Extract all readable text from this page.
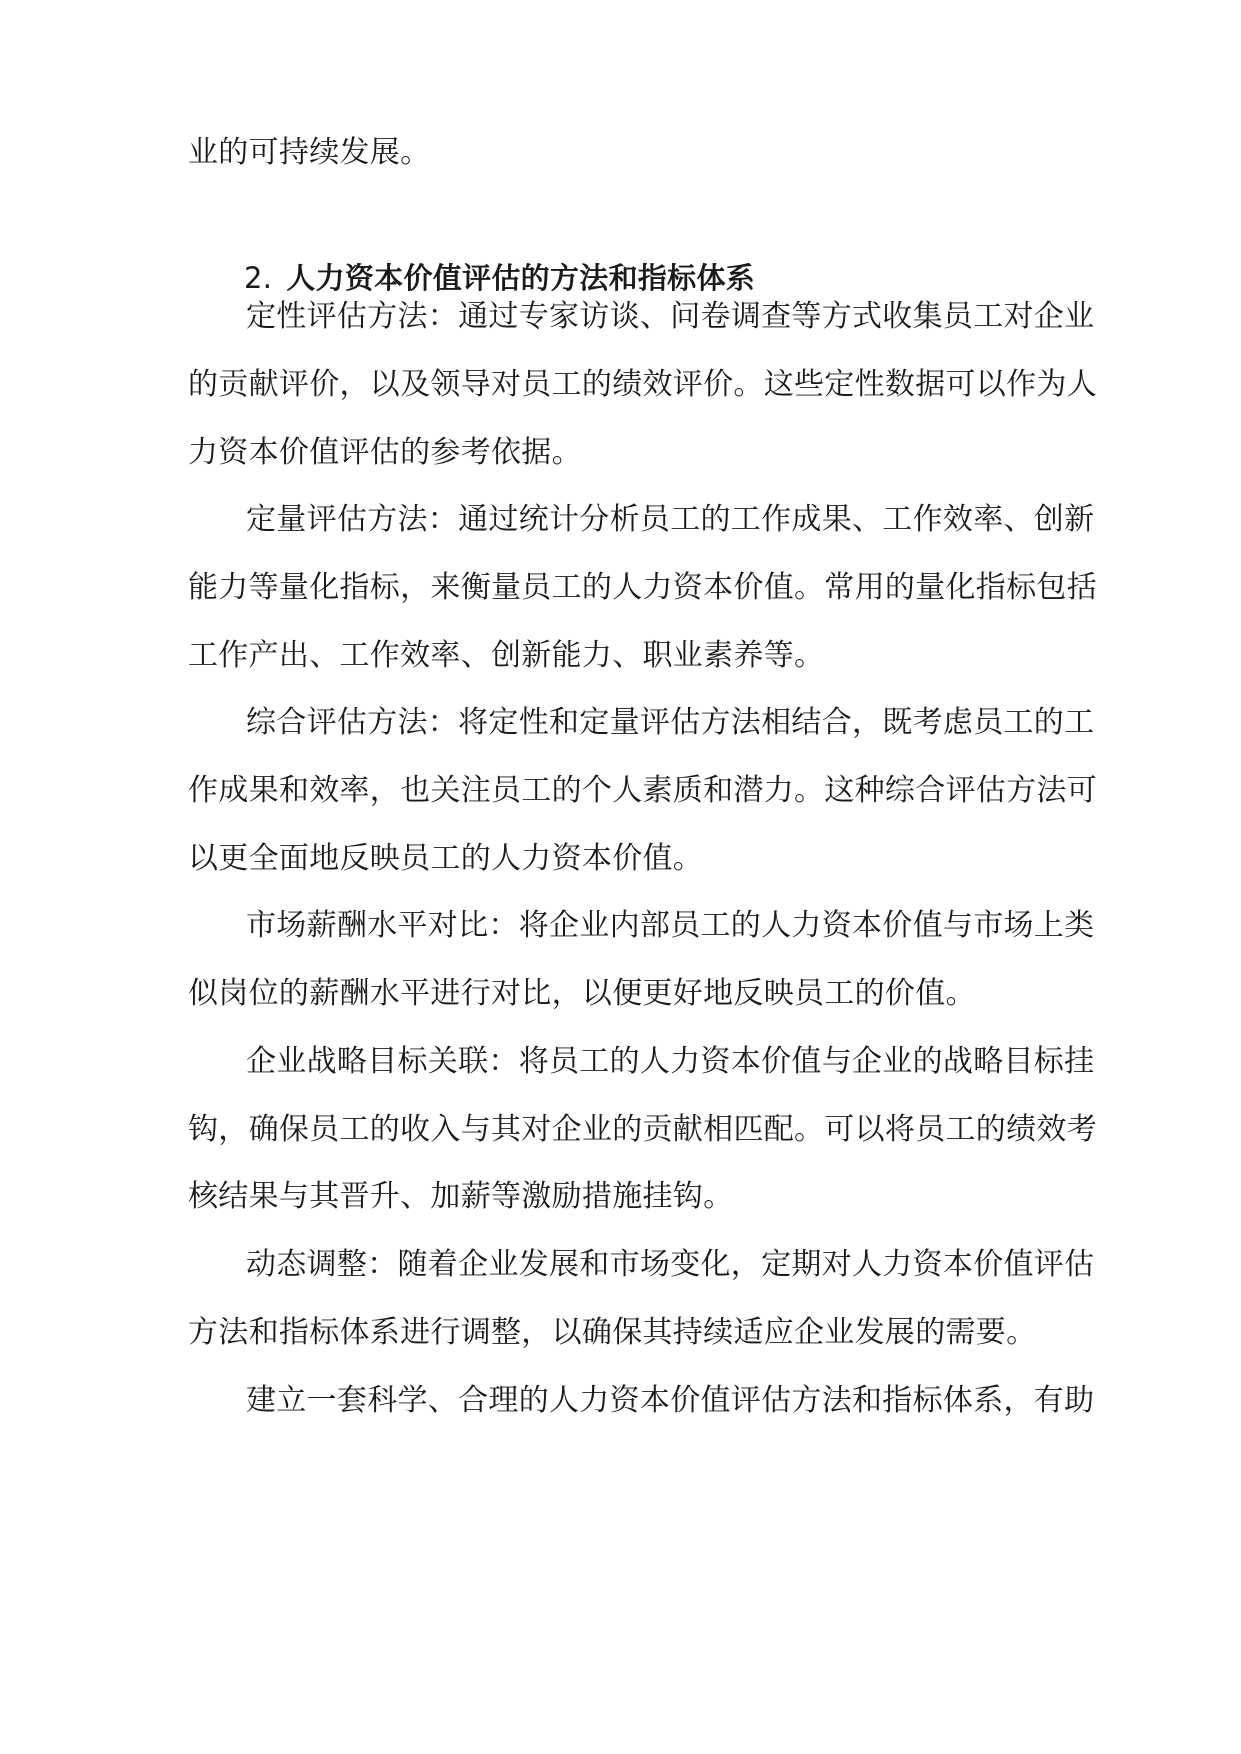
业的可持续发展。
定性评估方法：通过专家访谈、问卷调查等方式收集员工对企业
的贡献评价，以及领导对员工的绩效评价。这些定性数据可以作为人
力资本价值评估的参考依据。
定量评估方法：通过统计分析员工的工作成果、工作效率、创新
能力等量化指标，来衡量员工的人力资本价值。常用的量化指标包括
工作产出、工作效率、创新能力、职业素养等。
综合评估方法：将定性和定量评估方法相结合，既考虑员工的工
作成果和效率，也关注员工的个人素质和潜力。这种综合评估方法可
以更全面地反映员工的人力资本价值。
市场薪酬水平对比：将企业内部员工的人力资本价值与市场上类
似岗位的薪酬水平进行对比，以便更好地反映员工的价值。
企业战略目标关联：将员工的人力资本价值与企业的战略目标挂
钩，确保员工的收入与其对企业的贡献相匹配。可以将员工的绩效考
核结果与其晋升、加薪等激励措施挂钩。
动态调整：随着企业发展和市场变化，定期对人力资本价值评估
方法和指标体系进行调整，以确保其持续适应企业发展的需要。
建立一套科学、合理的人力资本价值评估方法和指标体系，有助
2. 人力资本价值评估的方法和指标体系
